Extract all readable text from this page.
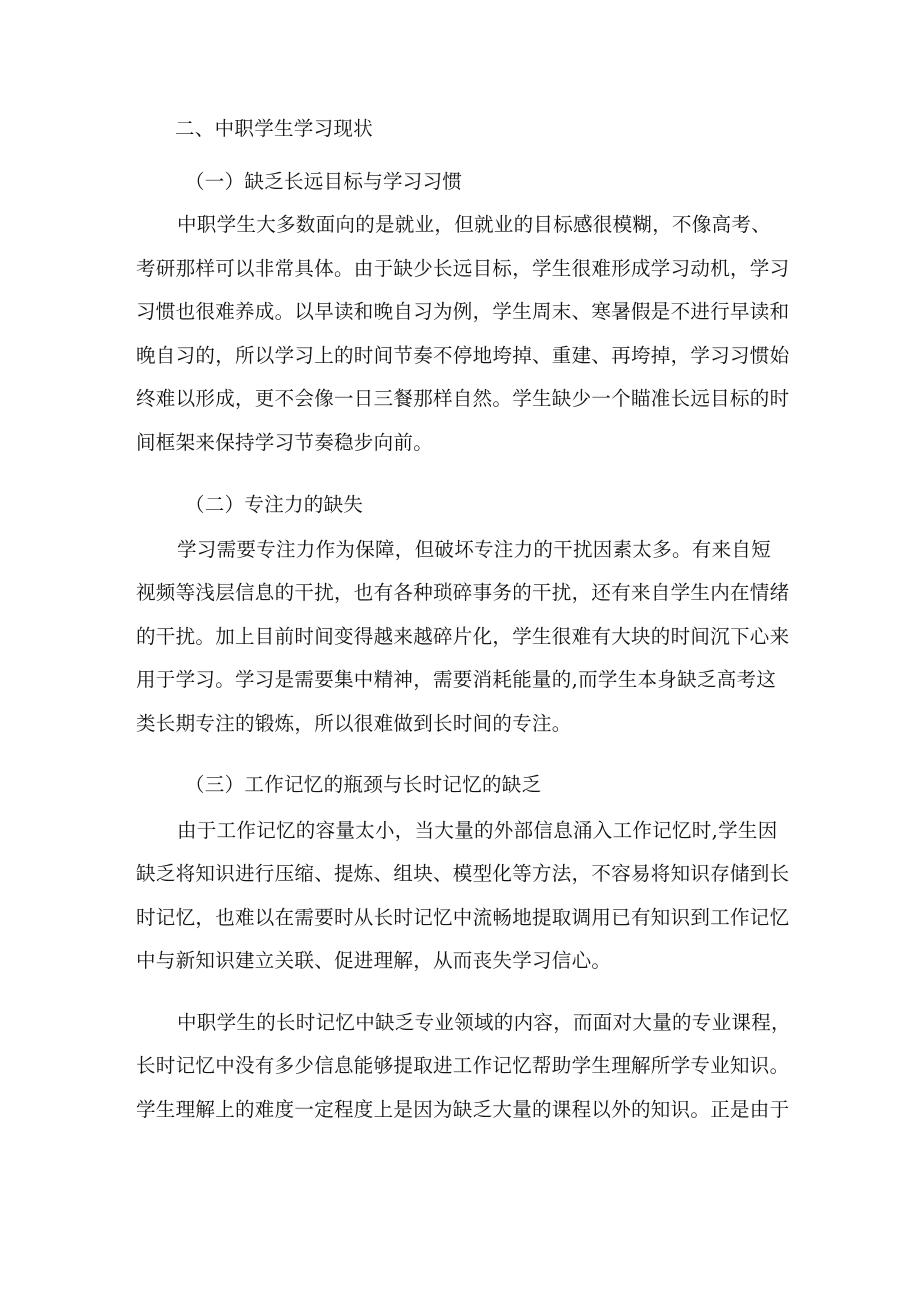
二、中职学生学习现状
（一）缺乏长远目标与学习习惯
中职学生大多数面向的是就业，但就业的目标感很模糊，不像高考、
考研那样可以非常具体。由于缺少长远目标，学生很难形成学习动机，学习
习惯也很难养成。以早读和晚自习为例，学生周末、寒暑假是不进行早读和
晚自习的，所以学习上的时间节奏不停地垮掉、重建、再垮掉，学习习惯始
终难以形成，更不会像一日三餐那样自然。学生缺少一个瞄准长远目标的时
间框架来保持学习节奏稳步向前。
（二）专注力的缺失
学习需要专注力作为保障，但破坏专注力的干扰因素太多。有来自短
视频等浅层信息的干扰，也有各种琐碎事务的干扰，还有来自学生内在情绪
的干扰。加上目前时间变得越来越碎片化，学生很难有大块的时间沉下心来
用于学习。学习是需要集中精神，需要消耗能量的,而学生本身缺乏高考这
类长期专注的锻炼，所以很难做到长时间的专注。
（三）工作记忆的瓶颈与长时记忆的缺乏
由于工作记忆的容量太小，当大量的外部信息涌入工作记忆时,学生因
缺乏将知识进行压缩、提炼、组块、模型化等方法，不容易将知识存储到长
时记忆，也难以在需要时从长时记忆中流畅地提取调用已有知识到工作记忆
中与新知识建立关联、促进理解，从而丧失学习信心。
中职学生的长时记忆中缺乏专业领域的内容，而面对大量的专业课程，
长时记忆中没有多少信息能够提取进工作记忆帮助学生理解所学专业知识。
学生理解上的难度一定程度上是因为缺乏大量的课程以外的知识。正是由于
